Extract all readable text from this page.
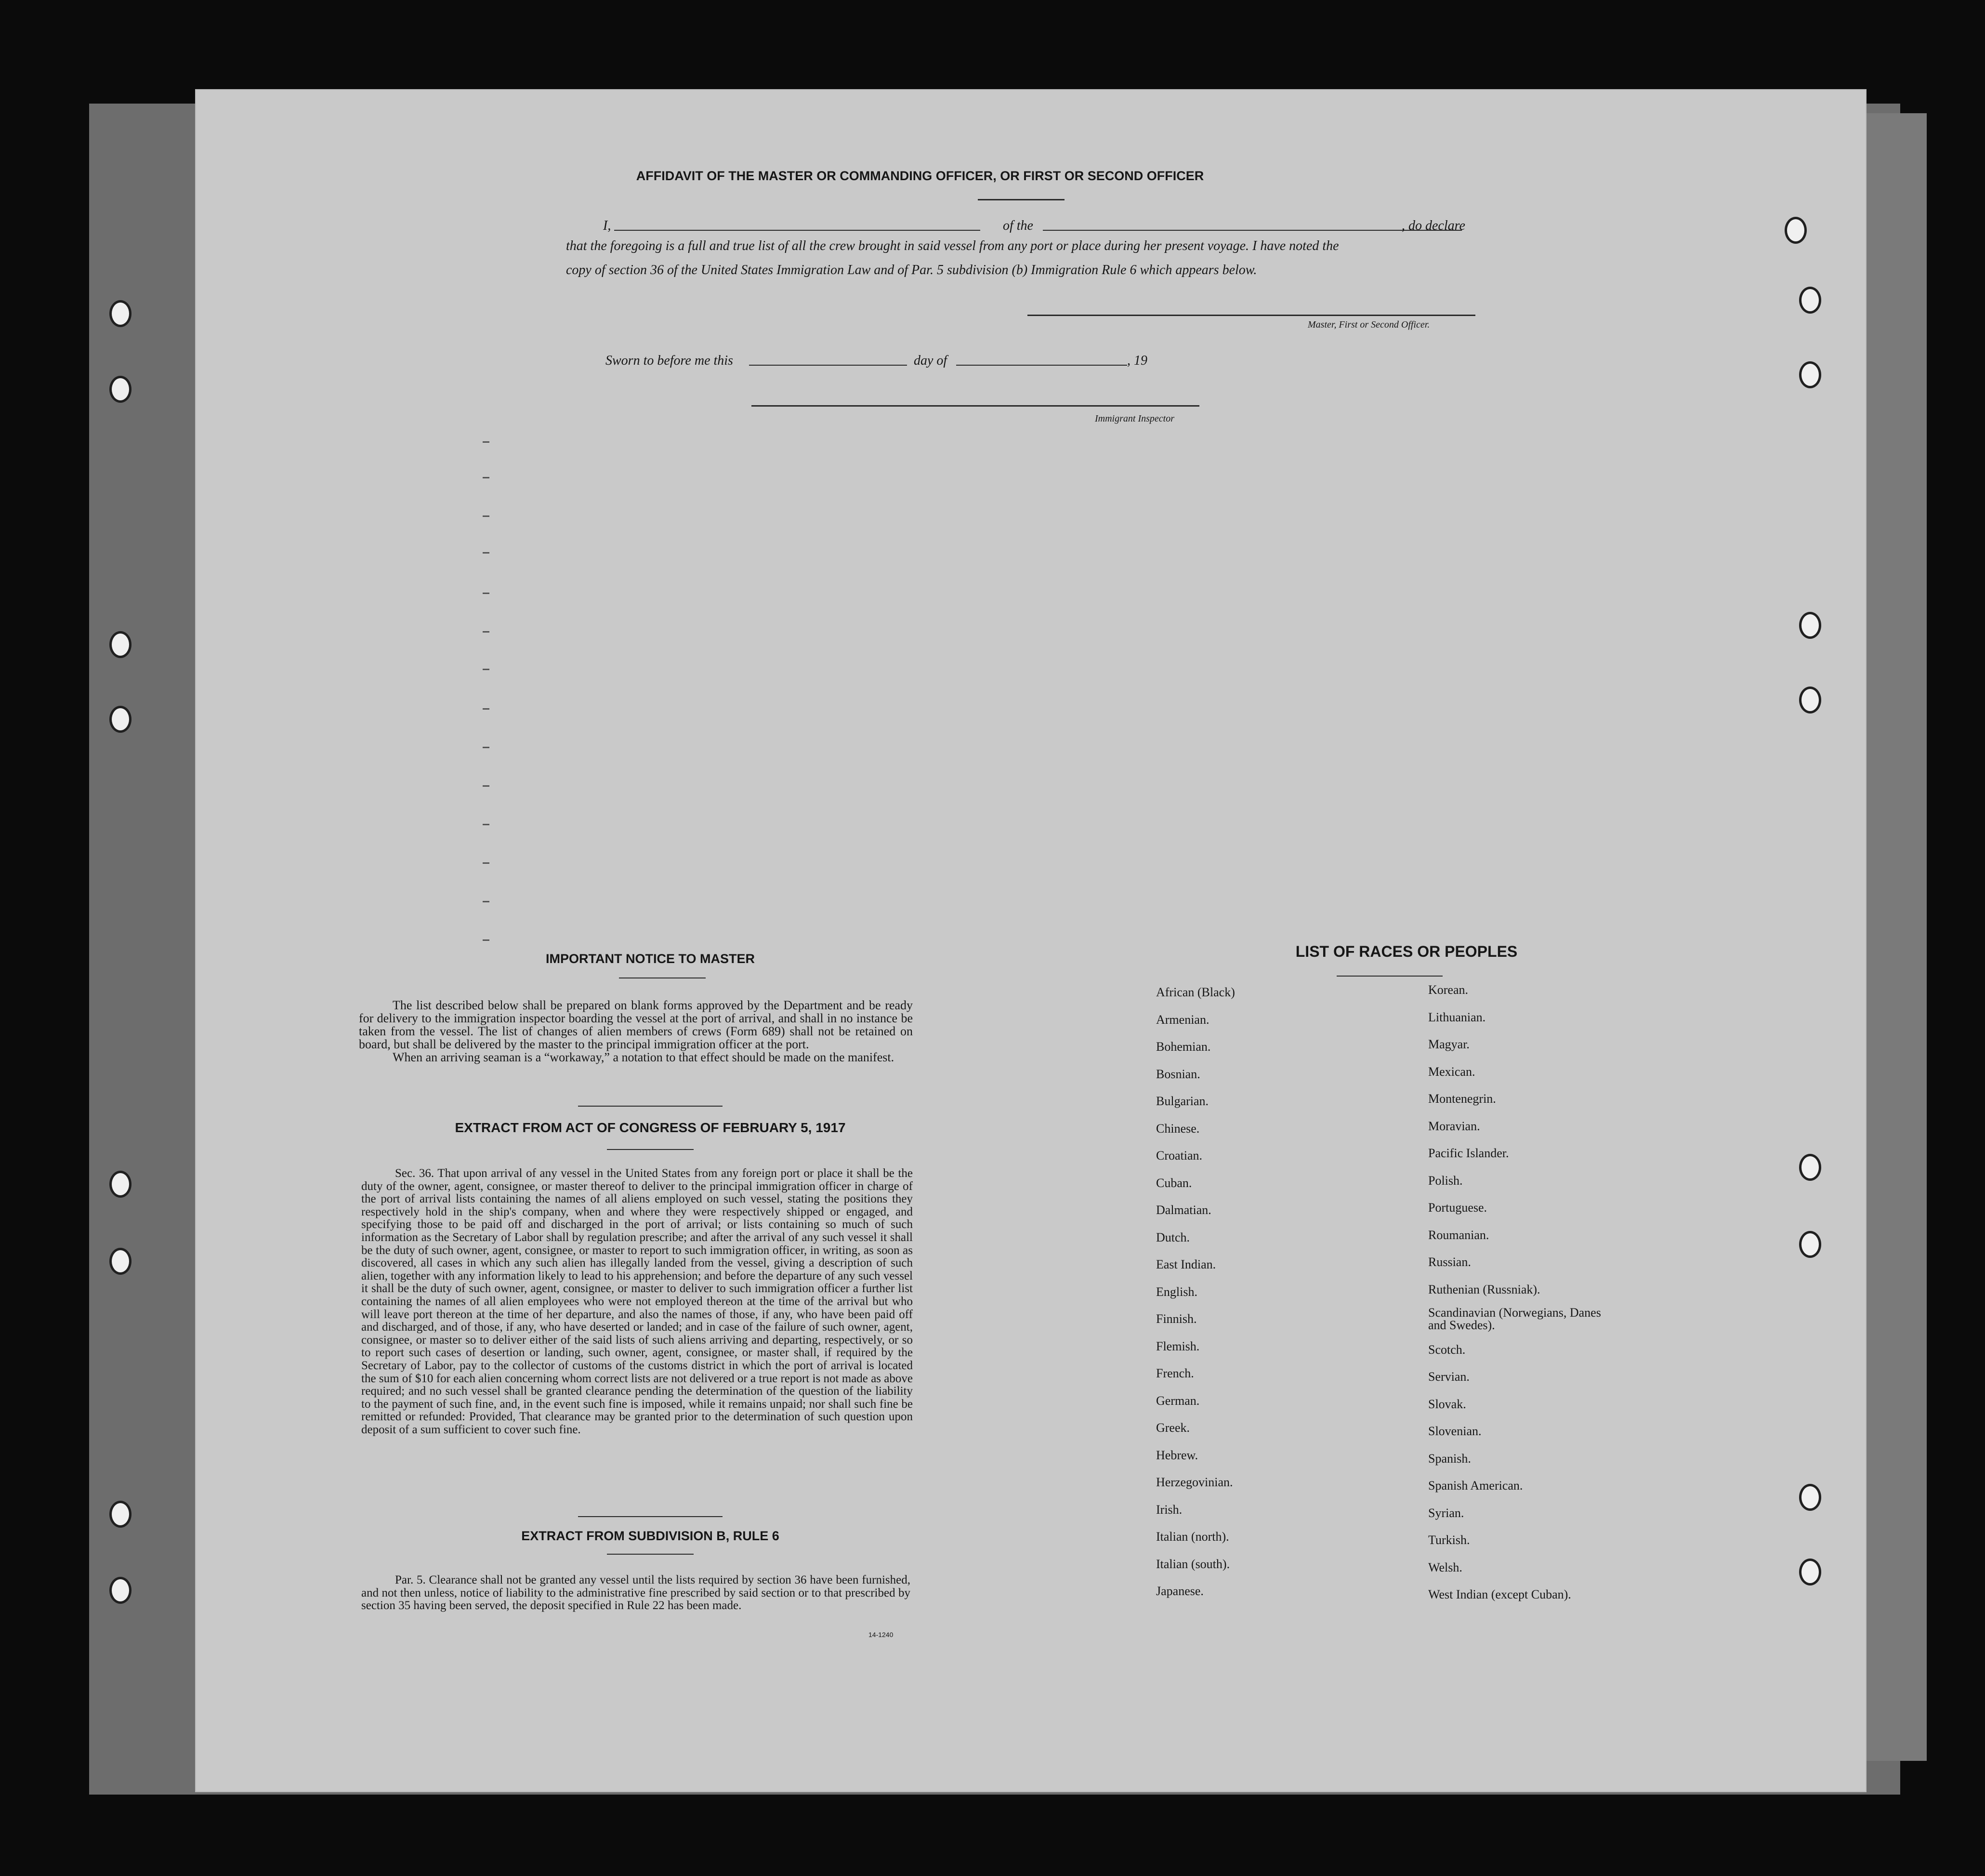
AFFIDAVIT OF THE MASTER OR COMMANDING OFFICER, OR FIRST OR SECOND OFFICER
I,	of the	, do declare
that the foregoing is a full and true list of all the crew brought in said vessel from any port or place during her present voyage. I have noted the
copy of section 36 of the United States Immigration Law and of Par. 5 subdivision (b) Immigration Rule 6 which appears below.
Master, First or Second Officer.
Sworn to before me this	day of	, 19
Immigrant Inspector
IMPORTANT NOTICE TO MASTER

The list described below shall be prepared on blank forms approved by the Department and be ready for delivery to the immigration inspector boarding the vessel at the port of arrival, and shall in no instance be taken from the vessel. The list of changes of alien members of crews (Form 689) shall not be retained on board, but shall be delivered by the master to the principal immigration officer at the port.

When an arriving seaman is a “workaway,” a notation to that effect should be made on the manifest.

EXTRACT FROM ACT OF CONGRESS OF FEBRUARY 5, 1917

Sec. 36. That upon arrival of any vessel in the United States from any foreign port or place it shall be the duty of the owner, agent, consignee, or master thereof to deliver to the principal immigration officer in charge of the port of arrival lists containing the names of all aliens employed on such vessel, stating the positions they respectively hold in the ship's company, when and where they were respectively shipped or engaged, and specifying those to be paid off and discharged in the port of arrival; or lists containing so much of such information as the Secretary of Labor shall by regulation prescribe; and after the arrival of any such vessel it shall be the duty of such owner, agent, consignee, or master to report to such immigration officer, in writing, as soon as discovered, all cases in which any such alien has illegally landed from the vessel, giving a description of such alien, together with any information likely to lead to his apprehension; and before the departure of any such vessel it shall be the duty of such owner, agent, consignee, or master to deliver to such immigration officer a further list containing the names of all alien employees who were not employed thereon at the time of the arrival but who will leave port thereon at the time of her departure, and also the names of those, if any, who have been paid off and discharged, and of those, if any, who have deserted or landed; and in case of the failure of such owner, agent, consignee, or master so to deliver either of the said lists of such aliens arriving and departing, respectively, or so to report such cases of desertion or landing, such owner, agent, consignee, or master shall, if required by the Secretary of Labor, pay to the collector of customs of the customs district in which the port of arrival is located the sum of $10 for each alien concerning whom correct lists are not delivered or a true report is not made as above required; and no such vessel shall be granted clearance pending the determination of the question of the liability to the payment of such fine, and, in the event such fine is imposed, while it remains unpaid; nor shall such fine be remitted or refunded: Provided, That clearance may be granted prior to the determination of such question upon deposit of a sum sufficient to cover such fine.

EXTRACT FROM SUBDIVISION B, RULE 6

Par. 5. Clearance shall not be granted any vessel until the lists required by section 36 have been furnished, and not then unless, notice of liability to the administrative fine prescribed by said section or to that prescribed by section 35 having been served, the deposit specified in Rule 22 has been made.

14-1240
LIST OF RACES OR PEOPLES
African (Black)
Armenian.
Bohemian.
Bosnian.
Bulgarian.
Chinese.
Croatian.
Cuban.
Dalmatian.
Dutch.
East Indian.
English.
Finnish.
Flemish.
French.
German.
Greek.
Hebrew.
Herzegovinian.
Irish.
Italian (north).
Italian (south).
Japanese.
Korean.
Lithuanian.
Magyar.
Mexican.
Montenegrin.
Moravian.
Pacific Islander.
Polish.
Portuguese.
Roumanian.
Russian.
Ruthenian (Russniak).
Scandinavian (Norwegians, Danes and Swedes).
Scotch.
Servian.
Slovak.
Slovenian.
Spanish.
Spanish American.
Syrian.
Turkish.
Welsh.
West Indian (except Cuban).
